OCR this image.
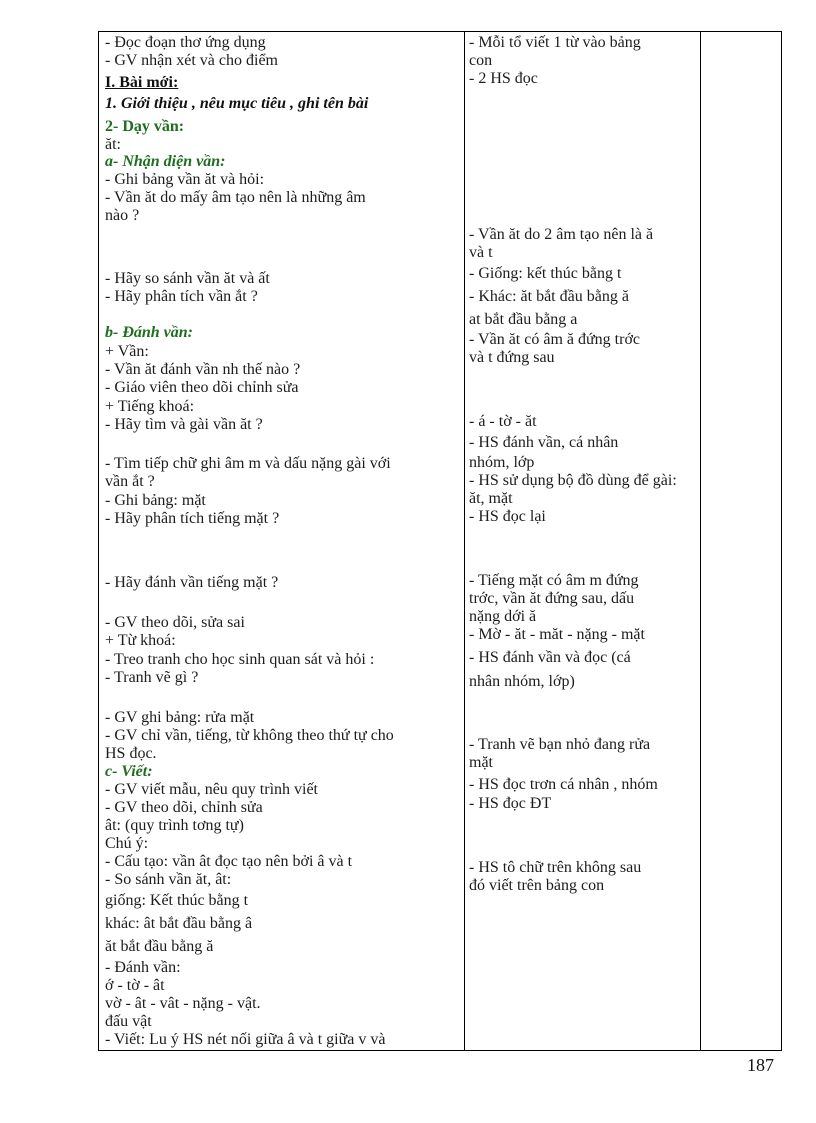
- Đọc đoạn thơ ứng dụng
- GV nhận xét và cho điểm
I. Bài mới:
1. Giới thiệu , nêu mục tiêu , ghi tên bài
2- Dạy vần:
ăt:
a- Nhận diện vần:
- Ghi bảng vần ăt và hỏi:
- Vần ăt do mấy âm tạo nên là những âm
nào ?
- Hãy so sánh vần ăt và ất
- Hãy phân tích vần ắt ?
b- Đánh vần:
+ Vần:
- Vần ăt đánh vần nh thế nào ?
- Giáo viên theo dõi chỉnh sửa
+ Tiếng khoá:
- Hãy tìm và gài vần ăt ?
- Tìm tiếp chữ ghi âm m và dấu nặng gài với
vần ắt ?
- Ghi bảng: mặt
- Hãy phân tích tiếng mặt ?
- Hãy đánh vần tiếng mặt ?
- GV theo dõi, sửa sai
+ Từ khoá:
- Treo tranh cho học sinh quan sát và hỏi :
- Tranh vẽ gì ?
- GV ghi bảng: rửa mặt
- GV chỉ vần, tiếng, từ không theo thứ tự cho
HS đọc.
c- Viết:
- GV viết mẫu, nêu quy trình viết
- GV theo dõi, chỉnh sửa
ât: (quy trình tơng tự)
Chú ý:
- Cấu tạo: vần ât đọc tạo nên bởi â và t
- So sánh vần ăt, ât:
giống: Kết thúc bằng t
khác: ât bắt đầu bằng â
ăt bắt đầu bằng ă
- Đánh vần:
ớ - tờ - ât
vờ - ât - vât - nặng - vật.
đấu vật
- Viết: Lu ý HS nét nối giữa â và t giữa v và
- Mỗi tổ viết 1 từ vào bảng
con
- 2 HS đọc
- Vần ăt do 2 âm tạo nên là ă
và t
- Giống: kết thúc bằng t
- Khác: ăt bắt đầu bằng ă
at bắt đầu bằng a
- Vần ăt có âm ă đứng trớc
và t đứng sau
- á - tờ - ăt
- HS đánh vần, cá nhân
nhóm, lớp
- HS sử dụng bộ đồ dùng để gài:
ăt, mặt
- HS đọc lại
- Tiếng mặt có âm m đứng
trớc, vần ăt đứng sau, dấu
nặng dới ă
- Mờ - ăt - măt - nặng - mặt
- HS đánh vần và đọc (cá
nhân nhóm, lớp)
- Tranh vẽ bạn nhỏ đang rửa
mặt
- HS đọc trơn cá nhân , nhóm
- HS đọc ĐT
- HS tô chữ trên không sau
đó viết trên bảng con
187
